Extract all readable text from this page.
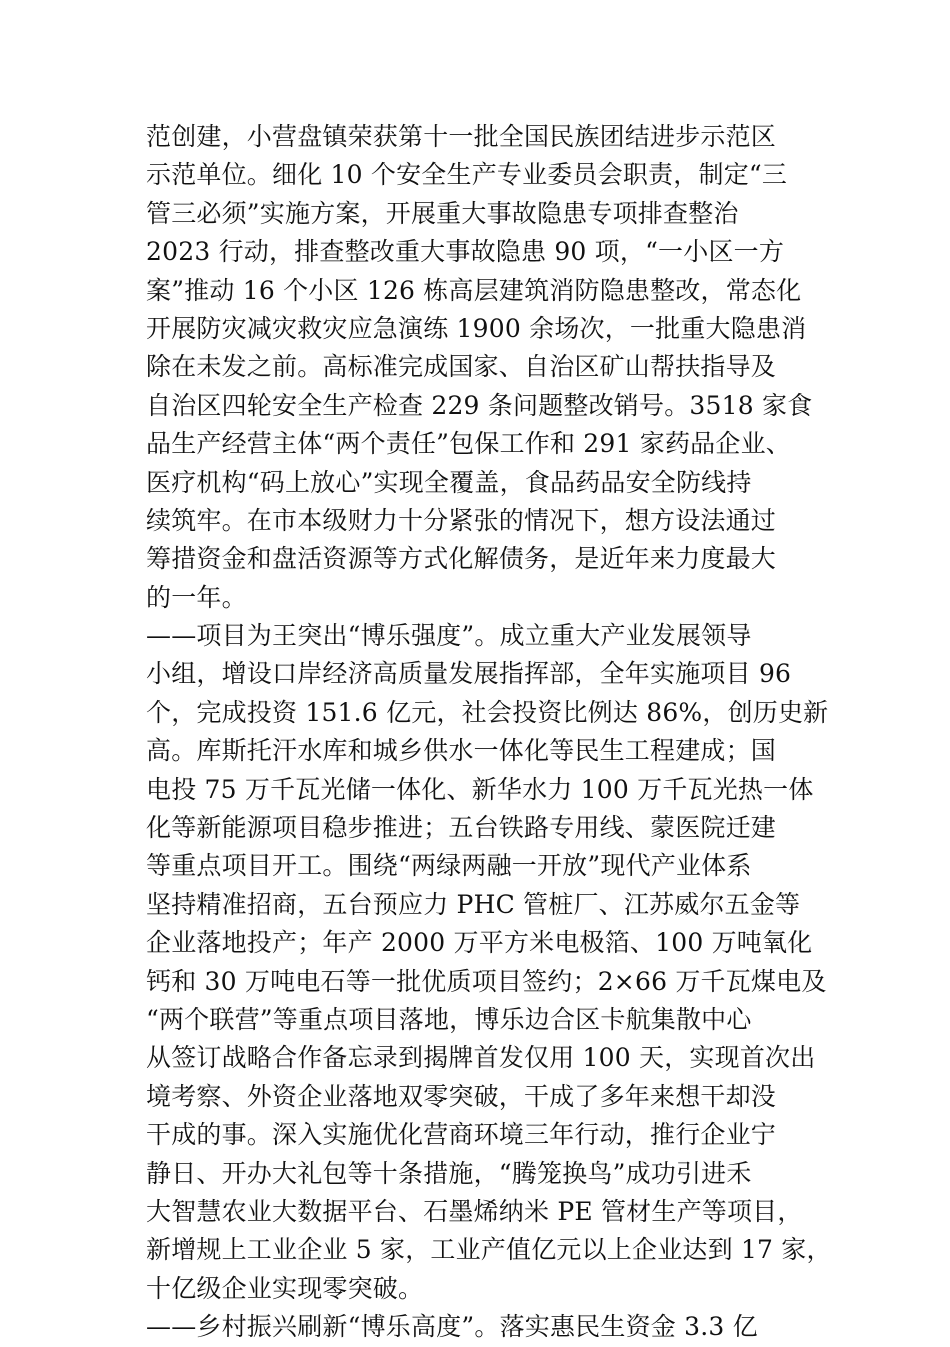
范创建，小营盘镇荣获第十一批全国民族团结进步示范区
示范单位。细化 10 个安全生产专业委员会职责，制定“三
管三必须”实施方案，开展重大事故隐患专项排查整治
2023 行动，排查整改重大事故隐患 90 项，“一小区一方
案”推动 16 个小区 126 栋高层建筑消防隐患整改，常态化
开展防灾减灾救灾应急演练 1900 余场次，一批重大隐患消
除在未发之前。高标准完成国家、自治区矿山帮扶指导及
自治区四轮安全生产检查 229 条问题整改销号。3518 家食
品生产经营主体“两个责任”包保工作和 291 家药品企业、
医疗机构“码上放心”实现全覆盖，食品药品安全防线持
续筑牢。在市本级财力十分紧张的情况下，想方设法通过
筹措资金和盘活资源等方式化解债务，是近年来力度最大
的一年。
——项目为王突出“博乐强度”。成立重大产业发展领导
小组，增设口岸经济高质量发展指挥部，全年实施项目 96
个，完成投资 151.6 亿元，社会投资比例达 86%，创历史新
高。库斯托汗水库和城乡供水一体化等民生工程建成；国
电投 75 万千瓦光储一体化、新华水力 100 万千瓦光热一体
化等新能源项目稳步推进；五台铁路专用线、蒙医院迁建
等重点项目开工。围绕“两绿两融一开放”现代产业体系
坚持精准招商，五台预应力 PHC 管桩厂、江苏威尔五金等
企业落地投产；年产 2000 万平方米电极箔、100 万吨氧化
钙和 30 万吨电石等一批优质项目签约；2×66 万千瓦煤电及
“两个联营”等重点项目落地，博乐边合区卡航集散中心
从签订战略合作备忘录到揭牌首发仅用 100 天，实现首次出
境考察、外资企业落地双零突破，干成了多年来想干却没
干成的事。深入实施优化营商环境三年行动，推行企业宁
静日、开办大礼包等十条措施，“腾笼换鸟”成功引进禾
大智慧农业大数据平台、石墨烯纳米 PE 管材生产等项目，
新增规上工业企业 5 家，工业产值亿元以上企业达到 17 家，
十亿级企业实现零突破。
——乡村振兴刷新“博乐高度”。落实惠民生资金 3.3 亿
